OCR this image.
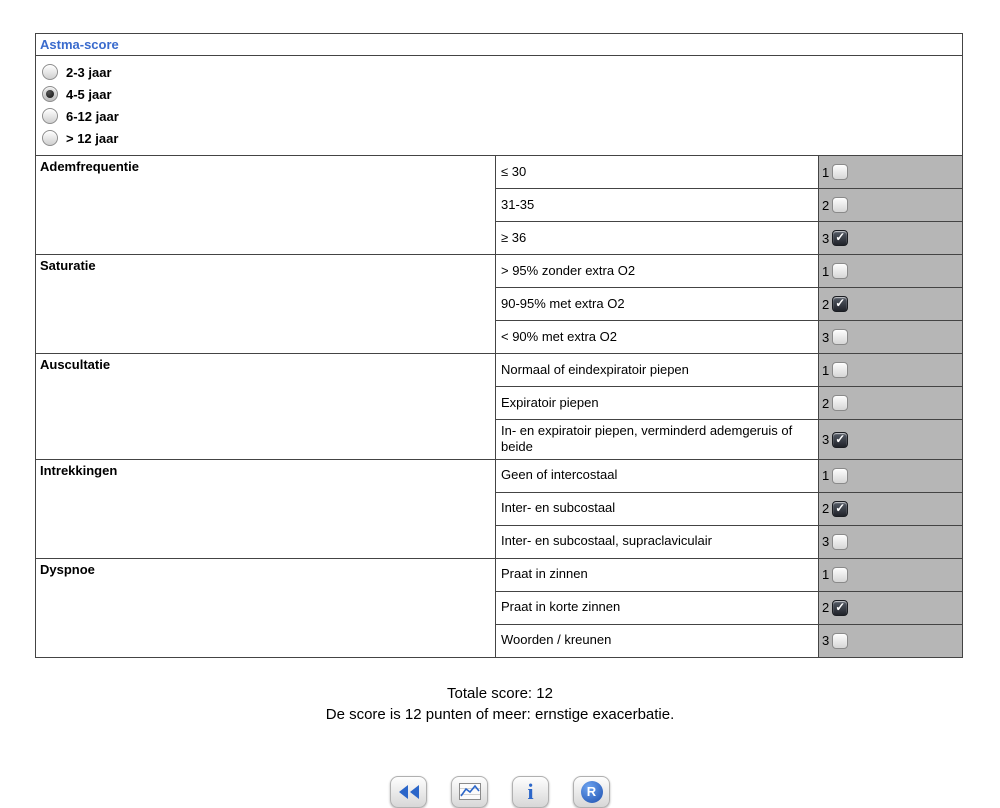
Astma-score		

2-3 jaar
4-5 jaar
6-12 jaar
> 12 jaar		

Ademfrequentie	≤ 30	1
	31-35	2
	≥ 36	3✓
Saturatie	> 95% zonder extra O2	1
	90-95% met extra O2	2✓
	< 90% met extra O2	3
Auscultatie	Normaal of eindexpiratoir piepen	1
	Expiratoir piepen	2
	In- en expiratoir piepen, verminderd ademgeruis of beide	3✓
Intrekkingen	Geen of intercostaal	1
	Inter- en subcostaal	2✓
	Inter- en subcostaal, supraclaviculair	3
Dyspnoe	Praat in zinnen	1
	Praat in korte zinnen	2✓
	Woorden / kreunen	3
Totale score: 12
De score is 12 punten of meer: ernstige exacerbatie.
i	R
